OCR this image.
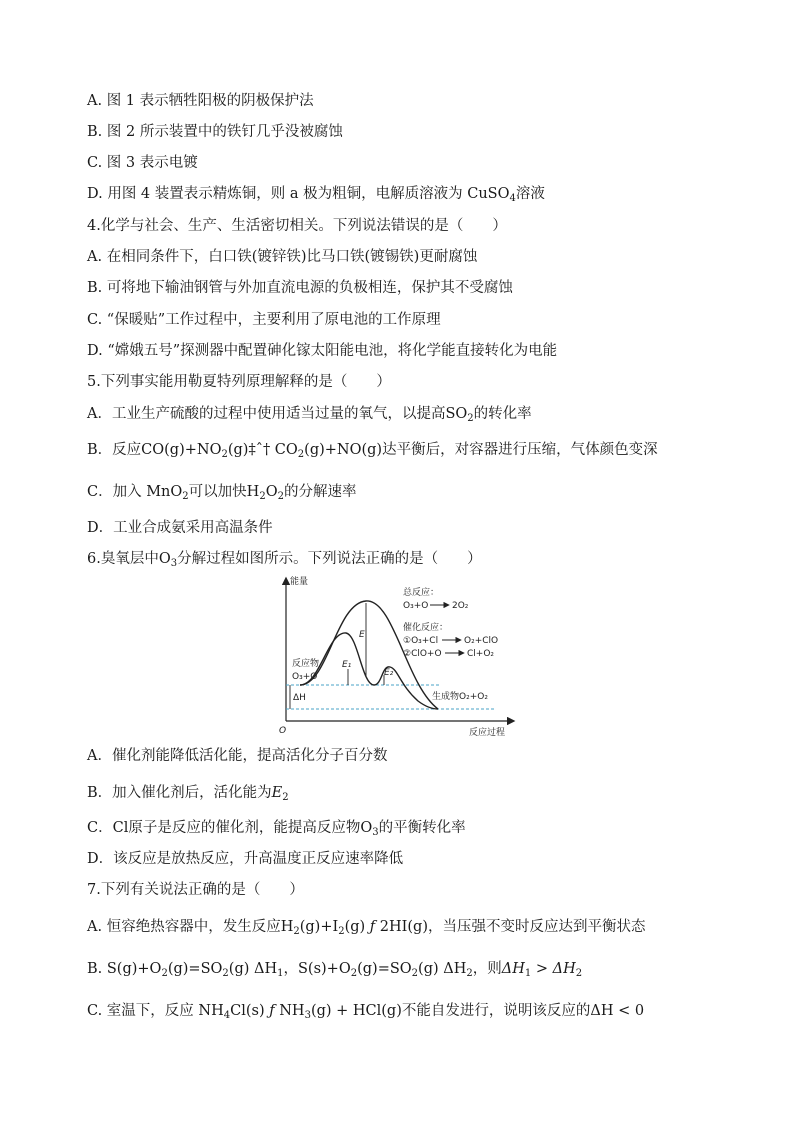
A. 图 1 表示牺牲阳极的阴极保护法
B. 图 2 所示装置中的铁钉几乎没被腐蚀
C. 图 3 表示电镀
D. 用图 4 装置表示精炼铜，则 a 极为粗铜，电解质溶液为 CuSO$_4$溶液
4.化学与社会、生产、生活密切相关。下列说法错误的是（　　）
A. 在相同条件下，白口铁(镀锌铁)比马口铁(镀锡铁)更耐腐蚀
B. 可将地下输油钢管与外加直流电源的负极相连，保护其不受腐蚀
C. “保暖贴”工作过程中，主要利用了原电池的工作原理
D. “嫦娥五号”探测器中配置砷化镓太阳能电池，将化学能直接转化为电能
5.下列事实能用勒夏特列原理解释的是（　　）
A．工业生产硫酸的过程中使用适当过量的氧气，以提高$SO_2$的转化率
B．反应$CO(g)+NO_2(g)\ddagger ˆ\dagger$ $CO_2(g)+NO(g)$达平衡后，对容器进行压缩，气体颜色变深
C．加入 MnO$_2$可以加快$H_2O_2$的分解速率
D．工业合成氨采用高温条件
6.臭氧层中$O_3$分解过程如图所示。下列说法正确的是（　　）
能量
反应过程
O
E
E₁
E₂
ΔH
反应物
O₃+O
生成物O₂+O₂
总反应：
O₃+O	2O₂
催化反应：
①O₃+Cl	O₂+ClO
②ClO+O	Cl+O₂
A．催化剂能降低活化能，提高活化分子百分数
B．加入催化剂后，活化能为$E_2$
C．Cl原子是反应的催化剂，能提高反应物$O_3$的平衡转化率
D．该反应是放热反应，升高温度正反应速率降低
7.下列有关说法正确的是（　　）
A. 恒容绝热容器中，发生反应$H_2(g)+I_2(g)$ ƒ 2HI(g)，当压强不变时反应达到平衡状态
B. $S(g)+O_2(g)=SO_2(g)$ $\Delta H_1$，$S(s)+O_2(g)=SO_2(g)$ $\Delta H_2$，则$\Delta H_1 > \Delta H_2$
C. 室温下，反应 $NH_4Cl(s)$ ƒ $NH_3(g) + HCl(g)$不能自发进行，说明该反应的ΔH < 0
